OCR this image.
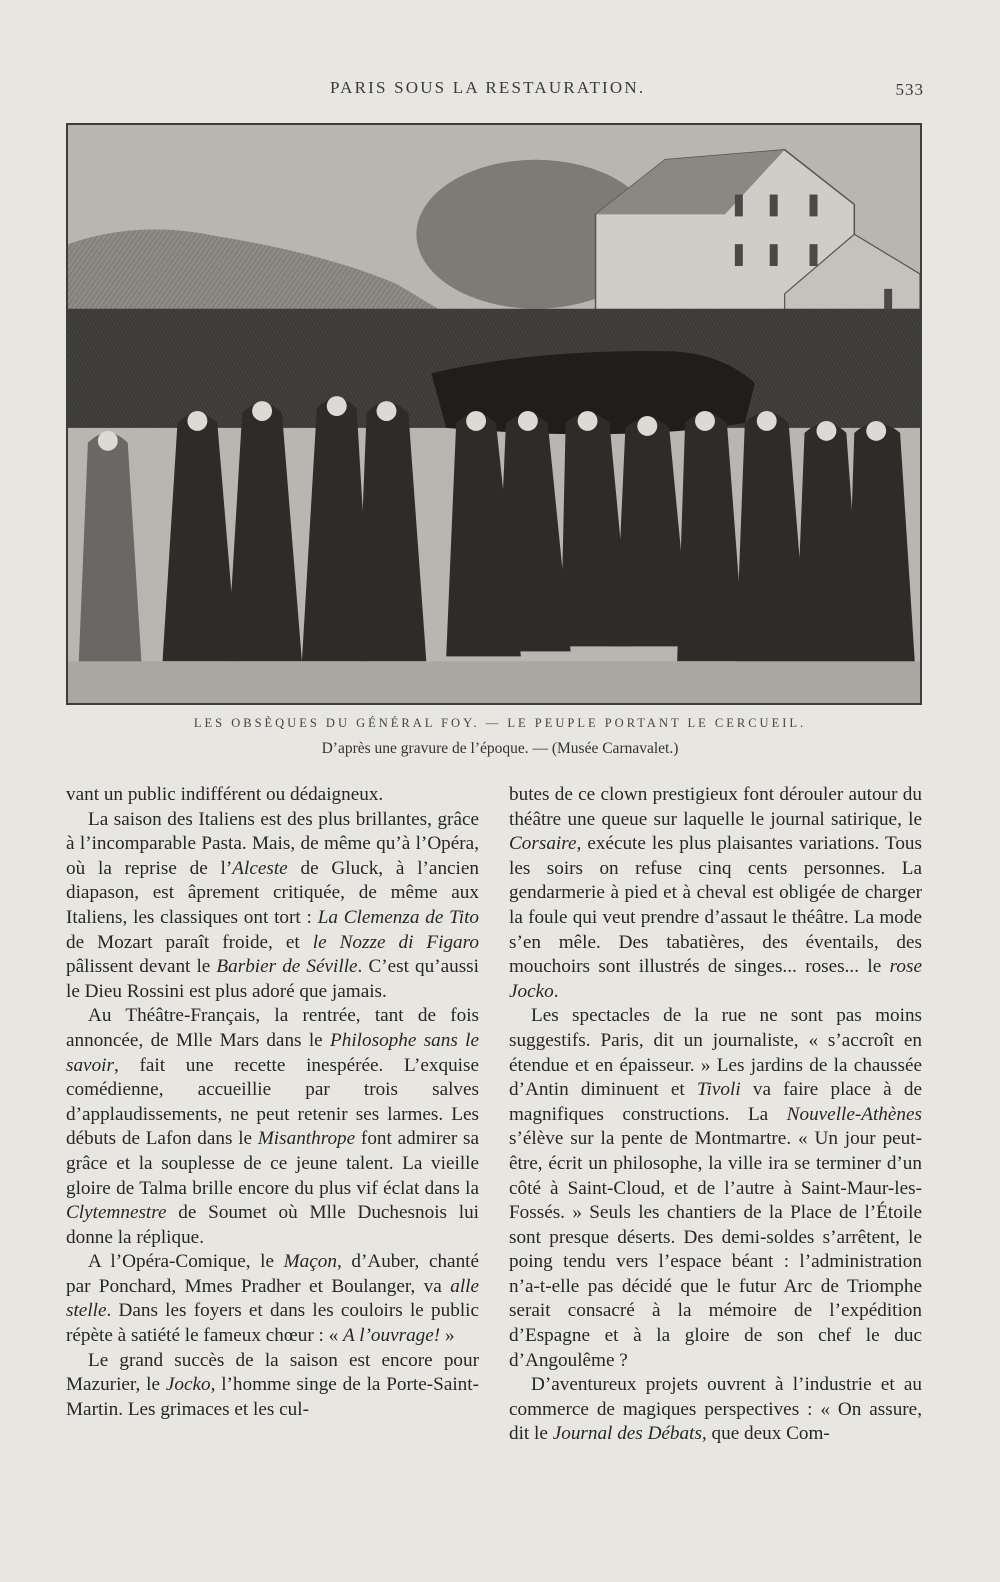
PARIS SOUS LA RESTAURATION.	533
LES OBSÈQUES DU GÉNÉRAL FOY. — LE PEUPLE PORTANT LE CERCUEIL.
D’après une gravure de l’époque. — (Musée Carnavalet.)

vant un public indifférent ou dédaigneux.

La saison des Italiens est des plus brillantes, grâce à l’incomparable Pasta. Mais, de même qu’à l’Opéra, où la reprise de l’Alceste de Gluck, à l’ancien diapason, est âprement critiquée, de même aux Italiens, les classiques ont tort : La Clemenza de Tito de Mozart paraît froide, et le Nozze di Figaro pâlissent devant le Barbier de Séville. C’est qu’aussi le Dieu Rossini est plus adoré que jamais.

Au Théâtre-Français, la rentrée, tant de fois annoncée, de Mlle Mars dans le Philosophe sans le savoir, fait une recette inespérée. L’exquise comédienne, accueillie par trois salves d’applaudissements, ne peut retenir ses larmes. Les débuts de Lafon dans le Misanthrope font admirer sa grâce et la souplesse de ce jeune talent. La vieille gloire de Talma brille encore du plus vif éclat dans la Clytemnestre de Soumet où Mlle Duchesnois lui donne la réplique.

A l’Opéra-Comique, le Maçon, d’Auber, chanté par Ponchard, Mmes Pradher et Boulanger, va alle stelle. Dans les foyers et dans les couloirs le public répète à satiété le fameux chœur : « A l’ouvrage! »

Le grand succès de la saison est encore pour Mazurier, le Jocko, l’homme singe de la Porte-Saint-Martin. Les grimaces et les cul-

butes de ce clown prestigieux font dérouler autour du théâtre une queue sur laquelle le journal satirique, le Corsaire, exécute les plus plaisantes variations. Tous les soirs on refuse cinq cents personnes. La gendarmerie à pied et à cheval est obligée de charger la foule qui veut prendre d’assaut le théâtre. La mode s’en mêle. Des tabatières, des éventails, des mouchoirs sont illustrés de singes... roses... le rose Jocko.

Les spectacles de la rue ne sont pas moins suggestifs. Paris, dit un journaliste, « s’accroît en étendue et en épaisseur. » Les jardins de la chaussée d’Antin diminuent et Tivoli va faire place à de magnifiques constructions. La Nouvelle-Athènes s’élève sur la pente de Montmartre. « Un jour peut-être, écrit un philosophe, la ville ira se terminer d’un côté à Saint-Cloud, et de l’autre à Saint-Maur-les-Fossés. » Seuls les chantiers de la Place de l’Étoile sont presque déserts. Des demi-soldes s’arrêtent, le poing tendu vers l’espace béant : l’administration n’a-t-elle pas décidé que le futur Arc de Triomphe serait consacré à la mémoire de l’expédition d’Espagne et à la gloire de son chef le duc d’Angoulême ?

D’aventureux projets ouvrent à l’industrie et au commerce de magiques perspectives : « On assure, dit le Journal des Débats, que deux Com-
